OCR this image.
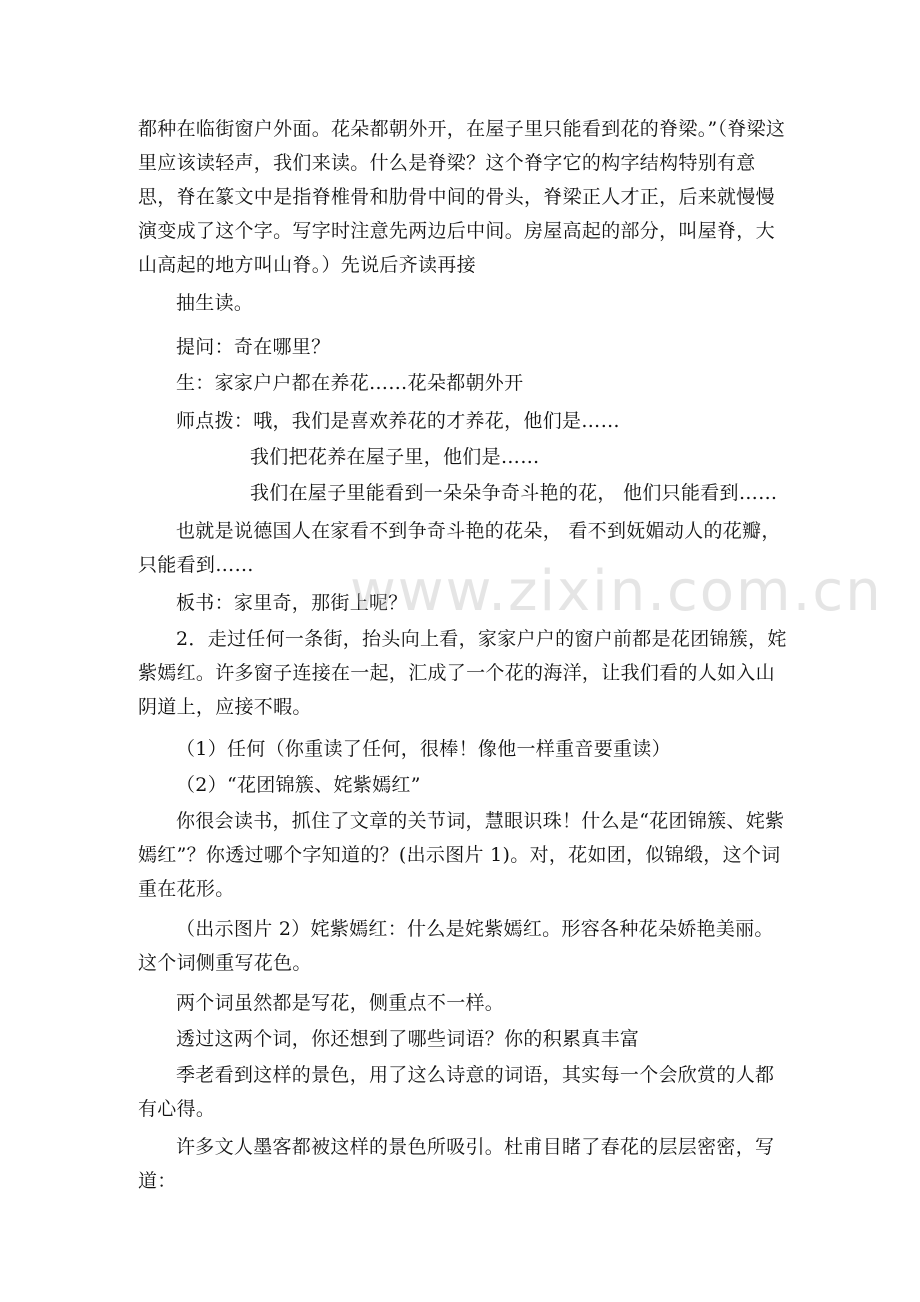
都种在临街窗户外面。花朵都朝外开，在屋子里只能看到花的脊梁。”（脊梁这里应该读轻声，我们来读。什么是脊梁？这个脊字它的构字结构特别有意思，脊在篆文中是指脊椎骨和肋骨中间的骨头，脊梁正人才正，后来就慢慢演变成了这个字。写字时注意先两边后中间。房屋高起的部分，叫屋脊，大山高起的地方叫山脊。）先说后齐读再接
抽生读。
提问：奇在哪里？
生：家家户户都在养花……花朵都朝外开
师点拨：哦，我们是喜欢养花的才养花，他们是……
我们把花养在屋子里，他们是……
我们在屋子里能看到一朵朵争奇斗艳的花， 他们只能看到……
也就是说德国人在家看不到争奇斗艳的花朵， 看不到妩媚动人的花瓣，只能看到……
板书：家里奇，那街上呢？
2．走过任何一条街，抬头向上看，家家户户的窗户前都是花团锦簇，姹紫嫣红。许多窗子连接在一起，汇成了一个花的海洋，让我们看的人如入山阴道上，应接不暇。
（1）任何（你重读了任何，很棒！像他一样重音要重读）
（2）“花团锦簇、姹紫嫣红”
你很会读书，抓住了文章的关节词，慧眼识珠！什么是“花团锦簇、姹紫嫣红”？你透过哪个字知道的？(出示图片 1)。对，花如团，似锦缎，这个词重在花形。
（出示图片 2）姹紫嫣红：什么是姹紫嫣红。形容各种花朵娇艳美丽。这个词侧重写花色。
两个词虽然都是写花，侧重点不一样。
透过这两个词，你还想到了哪些词语？你的积累真丰富
季老看到这样的景色，用了这么诗意的词语，其实每一个会欣赏的人都有心得。
许多文人墨客都被这样的景色所吸引。杜甫目睹了春花的层层密密，写道：
www.zixin.com.cn
